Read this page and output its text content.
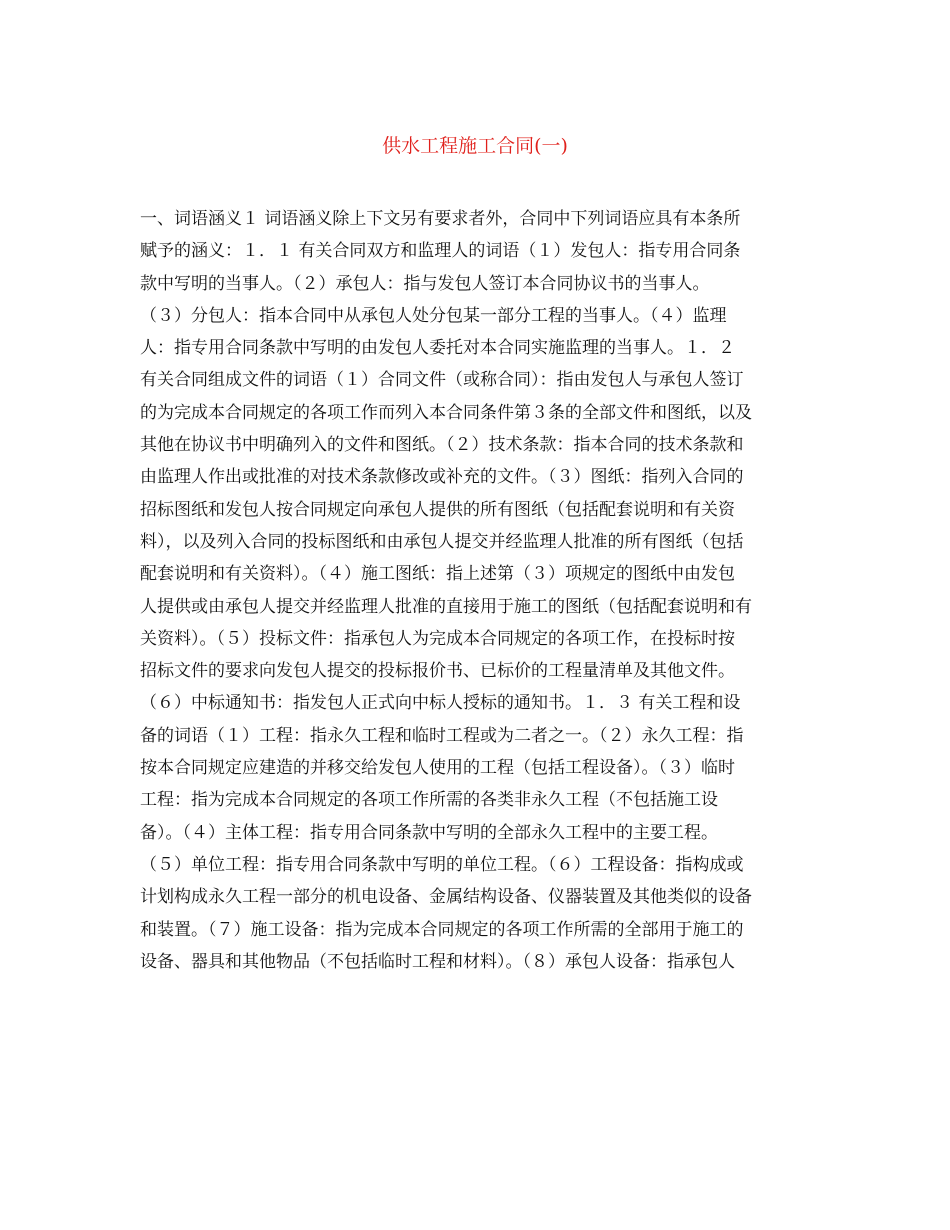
供水工程施工合同(一)
一、词语涵义１ 词语涵义除上下文另有要求者外，合同中下列词语应具有本条所
赋予的涵义：１．１ 有关合同双方和监理人的词语（１）发包人：指专用合同条
款中写明的当事人。（２）承包人：指与发包人签订本合同协议书的当事人。
（３）分包人：指本合同中从承包人处分包某一部分工程的当事人。（４）监理
人：指专用合同条款中写明的由发包人委托对本合同实施监理的当事人。１．２
有关合同组成文件的词语（１）合同文件（或称合同）：指由发包人与承包人签订
的为完成本合同规定的各项工作而列入本合同条件第３条的全部文件和图纸，以及
其他在协议书中明确列入的文件和图纸。（２）技术条款：指本合同的技术条款和
由监理人作出或批准的对技术条款修改或补充的文件。（３）图纸：指列入合同的
招标图纸和发包人按合同规定向承包人提供的所有图纸（包括配套说明和有关资
料），以及列入合同的投标图纸和由承包人提交并经监理人批准的所有图纸（包括
配套说明和有关资料）。（４）施工图纸：指上述第（３）项规定的图纸中由发包
人提供或由承包人提交并经监理人批准的直接用于施工的图纸（包括配套说明和有
关资料）。（５）投标文件：指承包人为完成本合同规定的各项工作，在投标时按
招标文件的要求向发包人提交的投标报价书、已标价的工程量清单及其他文件。
（６）中标通知书：指发包人正式向中标人授标的通知书。１．３ 有关工程和设
备的词语（１）工程：指永久工程和临时工程或为二者之一。（２）永久工程：指
按本合同规定应建造的并移交给发包人使用的工程（包括工程设备）。（３）临时
工程：指为完成本合同规定的各项工作所需的各类非永久工程（不包括施工设
备）。（４）主体工程：指专用合同条款中写明的全部永久工程中的主要工程。
（５）单位工程：指专用合同条款中写明的单位工程。（６）工程设备：指构成或
计划构成永久工程一部分的机电设备、金属结构设备、仪器装置及其他类似的设备
和装置。（７）施工设备：指为完成本合同规定的各项工作所需的全部用于施工的
设备、器具和其他物品（不包括临时工程和材料）。（８）承包人设备：指承包人
